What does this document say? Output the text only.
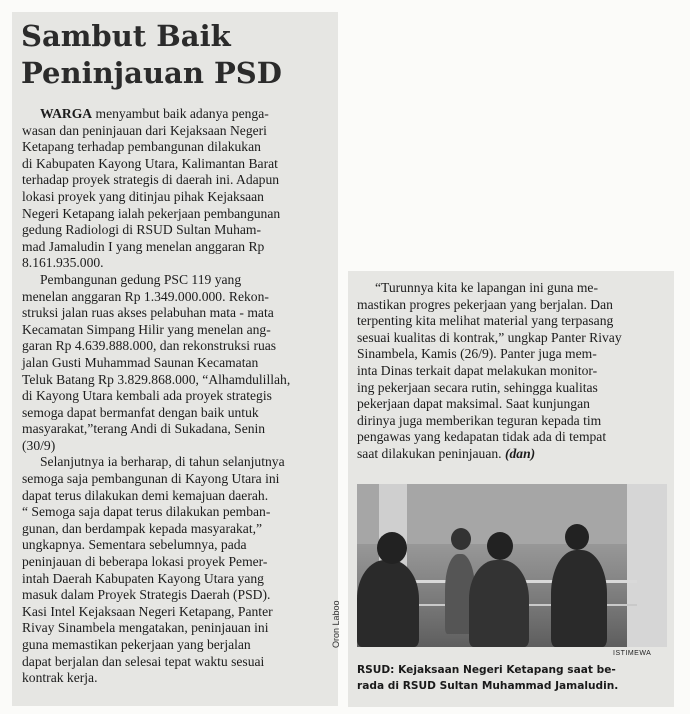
Sambut Baik
Peninjauan PSD
WARGA menyambut baik adanya penga-
wasan dan peninjauan dari Kejaksaan Negeri
Ketapang terhadap pembangunan dilakukan
di Kabupaten Kayong Utara, Kalimantan Barat
terhadap proyek strategis di daerah ini. Adapun
lokasi proyek yang ditinjau pihak Kejaksaan
Negeri Ketapang ialah pekerjaan pembangunan
gedung Radiologi di RSUD Sultan Muham-
mad Jamaludin I yang menelan anggaran Rp
8.161.935.000.
Pembangunan gedung PSC 119 yang
menelan anggaran Rp 1.349.000.000. Rekon-
struksi jalan ruas akses pelabuhan mata - mata
Kecamatan Simpang Hilir yang menelan ang-
garan Rp 4.639.888.000, dan rekonstruksi ruas
jalan Gusti Muhammad Saunan Kecamatan
Teluk Batang Rp 3.829.868.000, “Alhamdulillah,
di Kayong Utara kembali ada proyek strategis
semoga dapat bermanfat dengan baik untuk
masyarakat,”terang Andi di Sukadana, Senin
(30/9)
Selanjutnya ia berharap, di tahun selanjutnya
semoga saja pembangunan di Kayong Utara ini
dapat terus dilakukan demi kemajuan daerah.
“ Semoga saja dapat terus dilakukan pemban-
gunan, dan berdampak kepada masyarakat,”
ungkapnya. Sementara sebelumnya, pada
peninjauan di beberapa lokasi proyek Pemer-
intah Daerah Kabupaten Kayong Utara yang
masuk dalam Proyek Strategis Daerah (PSD).
Kasi Intel Kejaksaan Negeri Ketapang, Panter
Rivay Sinambela mengatakan, peninjauan ini
guna memastikan pekerjaan yang berjalan
dapat berjalan dan selesai tepat waktu sesuai
kontrak kerja.
“Turunnya kita ke lapangan ini guna me-
mastikan progres pekerjaan yang berjalan. Dan
terpenting kita melihat material yang terpasang
sesuai kualitas di kontrak,” ungkap Panter Rivay
Sinambela, Kamis (26/9). Panter juga mem-
inta Dinas terkait dapat melakukan monitor-
ing pekerjaan secara rutin, sehingga kualitas
pekerjaan dapat maksimal. Saat kunjungan
dirinya juga memberikan teguran kepada tim
pengawas yang kedapatan tidak ada di tempat
saat dilakukan peninjauan. (dan)
Oron Laboo
ISTIMEWA
RSUD: Kejaksaan Negeri Ketapang saat be-
rada di RSUD Sultan Muhammad Jamaludin.
